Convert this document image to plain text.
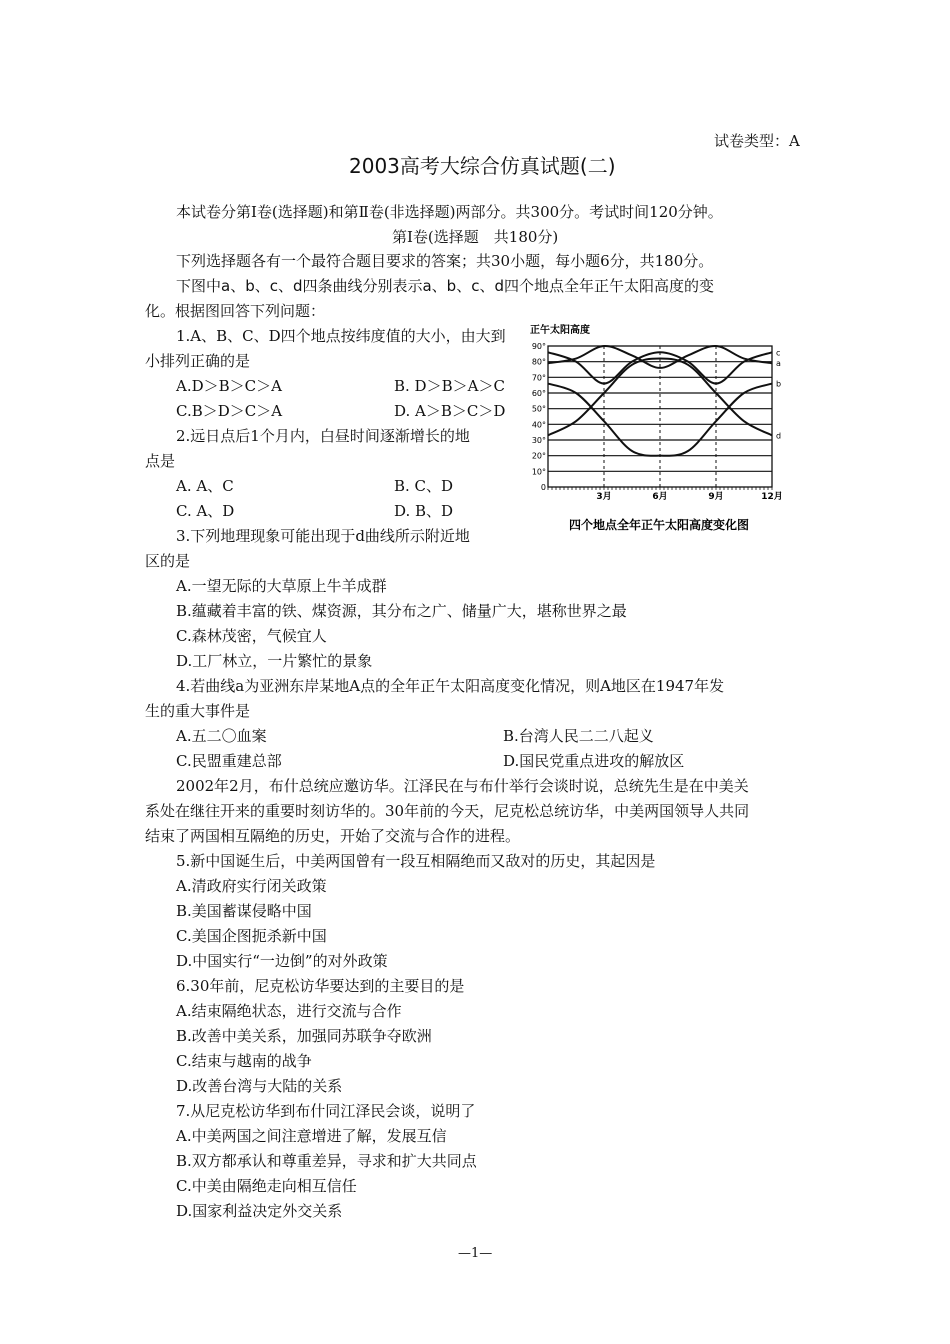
试卷类型：A
2003高考大综合仿真试题(二)
本试卷分第Ⅰ卷(选择题)和第Ⅱ卷(非选择题)两部分。共300分。考试时间120分钟。
第Ⅰ卷(选择题　共180分)
下列选择题各有一个最符合题目要求的答案；共30小题，每小题6分，共180分。
下图中a、b、c、d四条曲线分别表示a、b、c、d四个地点全年正午太阳高度的变
化。根据图回答下列问题：
1.A、B、C、D四个地点按纬度值的大小，由大到
小排列正确的是
A.D＞B＞C＞A	B. D＞B＞A＞C
C.B＞D＞C＞A	D. A＞B＞C＞D
2.远日点后1个月内，白昼时间逐渐增长的地
点是
A. A、C	B. C、D
C. A、D	D. B、D
正午太阳高度
0
10°
20°
30°
40°
50°
60°
70°
80°
90°
3月	6月	9月	12月
c
a
d
b
四个地点全年正午太阳高度变化图
3.下列地理现象可能出现于d曲线所示附近地
区的是
A.一望无际的大草原上牛羊成群
B.蕴藏着丰富的铁、煤资源，其分布之广、储量广大，堪称世界之最
C.森林茂密，气候宜人
D.工厂林立，一片繁忙的景象
4.若曲线a为亚洲东岸某地A点的全年正午太阳高度变化情况，则A地区在1947年发
生的重大事件是
A.五二〇血案	B.台湾人民二二八起义
C.民盟重建总部	D.国民党重点进攻的解放区
2002年2月，布什总统应邀访华。江泽民在与布什举行会谈时说，总统先生是在中美关
系处在继往开来的重要时刻访华的。30年前的今天，尼克松总统访华，中美两国领导人共同
结束了两国相互隔绝的历史，开始了交流与合作的进程。
5.新中国诞生后，中美两国曾有一段互相隔绝而又敌对的历史，其起因是
A.清政府实行闭关政策
B.美国蓄谋侵略中国
C.美国企图扼杀新中国
D.中国实行“一边倒”的对外政策
6.30年前，尼克松访华要达到的主要目的是
A.结束隔绝状态，进行交流与合作
B.改善中美关系，加强同苏联争夺欧洲
C.结束与越南的战争
D.改善台湾与大陆的关系
7.从尼克松访华到布什同江泽民会谈，说明了
A.中美两国之间注意增进了解，发展互信
B.双方都承认和尊重差异，寻求和扩大共同点
C.中美由隔绝走向相互信任
D.国家利益决定外交关系
—1—
